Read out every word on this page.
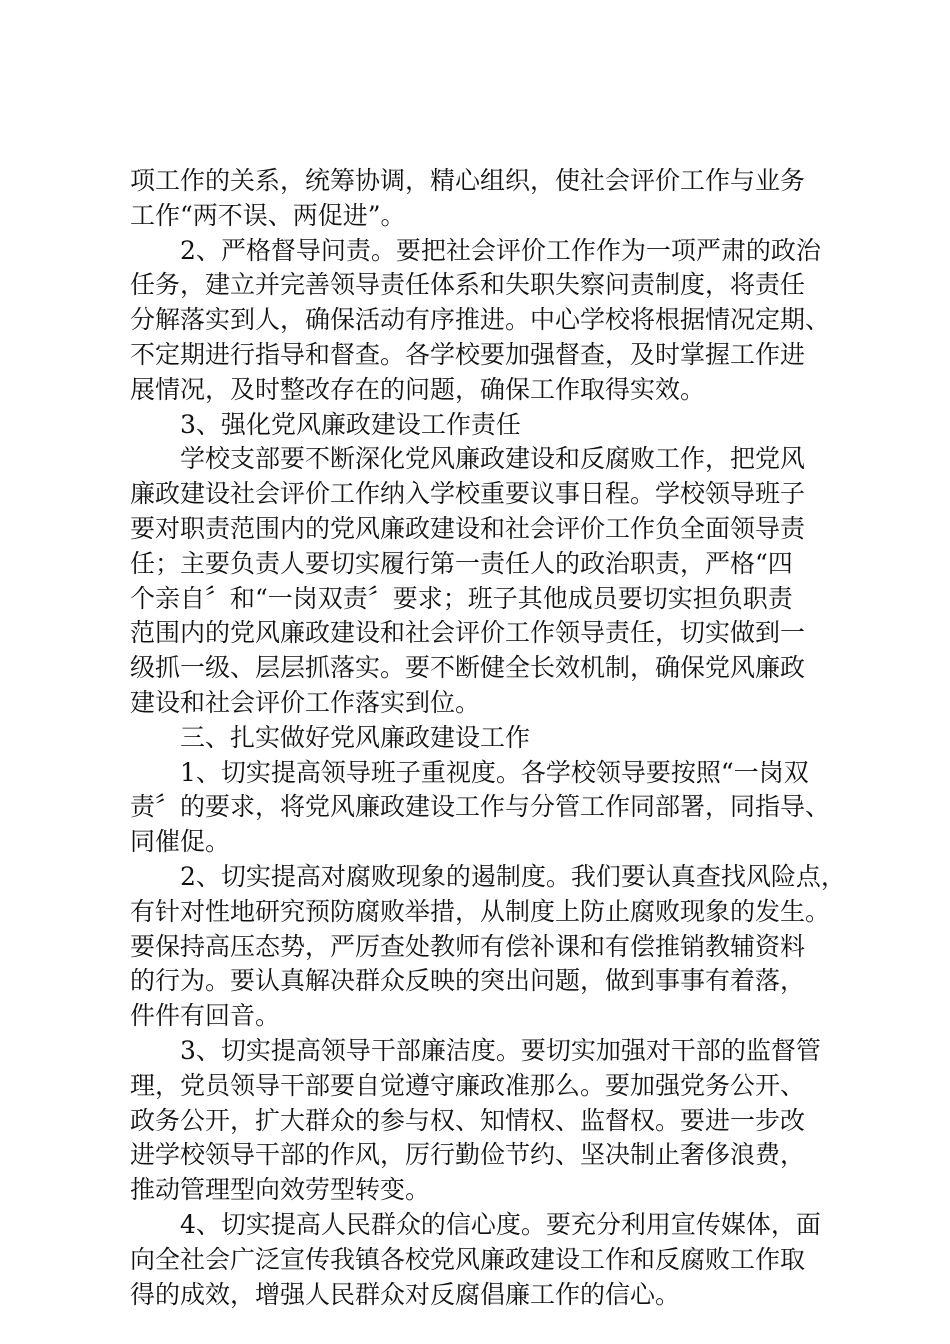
项工作的关系，统筹协调，精心组织，使社会评价工作与业务
工作“两不误、两促进”。
2、严格督导问责。要把社会评价工作作为一项严肃的政治
任务，建立并完善领导责任体系和失职失察问责制度，将责任
分解落实到人，确保活动有序推进。中心学校将根据情况定期、
不定期进行指导和督查。各学校要加强督查，及时掌握工作进
展情况，及时整改存在的问题，确保工作取得实效。
3、强化党风廉政建设工作责任
学校支部要不断深化党风廉政建设和反腐败工作，把党风
廉政建设社会评价工作纳入学校重要议事日程。学校领导班子
要对职责范围内的党风廉政建设和社会评价工作负全面领导责
任；主要负责人要切实履行第一责任人的政治职责，严格“四
个亲自〞和“一岗双责〞要求；班子其他成员要切实担负职责
范围内的党风廉政建设和社会评价工作领导责任，切实做到一
级抓一级、层层抓落实。要不断健全长效机制，确保党风廉政
建设和社会评价工作落实到位。
三、扎实做好党风廉政建设工作
1、切实提高领导班子重视度。各学校领导要按照“一岗双
责〞的要求，将党风廉政建设工作与分管工作同部署，同指导、
同催促。
2、切实提高对腐败现象的遏制度。我们要认真查找风险点，
有针对性地研究预防腐败举措，从制度上防止腐败现象的发生。
要保持高压态势，严厉查处教师有偿补课和有偿推销教辅资料
的行为。要认真解决群众反映的突出问题，做到事事有着落，
件件有回音。
3、切实提高领导干部廉洁度。要切实加强对干部的监督管
理，党员领导干部要自觉遵守廉政准那么。要加强党务公开、
政务公开，扩大群众的参与权、知情权、监督权。要进一步改
进学校领导干部的作风，厉行勤俭节约、坚决制止奢侈浪费，
推动管理型向效劳型转变。
4、切实提高人民群众的信心度。要充分利用宣传媒体，面
向全社会广泛宣传我镇各校党风廉政建设工作和反腐败工作取
得的成效，增强人民群众对反腐倡廉工作的信心。
